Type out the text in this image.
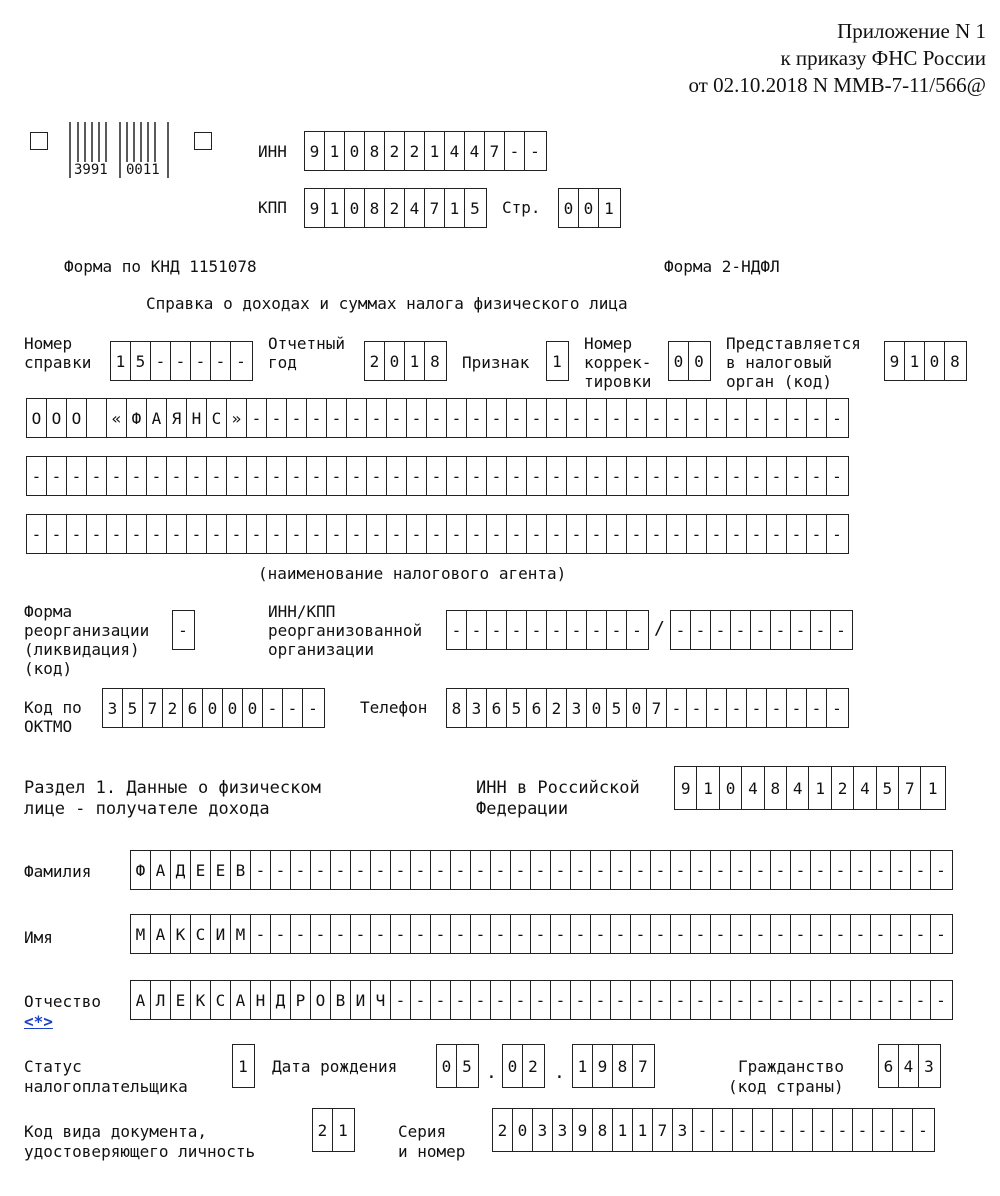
Приложение N 1
к приказу ФНС России
от 02.10.2018 N ММВ-7-11/566@
3991 0011
ИНН 9 1 0 8 2 2 1 4 4 7 - -
КПП 9 1 0 8 2 4 7 1 5	Стр. 0 0 1
Форма по КНД 1151078	Форма 2-НДФЛ
Справка о доходах и суммах налога физического лица
Номер
справки 1 5 - - - - -
Отчетный
год	2 0 1 8	Признак	1
Номер
коррек-
тировки
0 0
Представляется
в налоговый
орган (код)
9 1 0 8
О О О	« Ф А Я Н С » - - - - - - - - - - - - - - - - - - - - - - - - - - - - - -
- - - - - - - - - - - - - - - - - - - - - - - - - - - - - - - - - - - - - - - - -
- - - - - - - - - - - - - - - - - - - - - - - - - - - - - - - - - - - - - - - - -
(наименование налогового агента)
Форма
реорганизации
(ликвидация)
(код)
-
ИНН/КПП
реорганизованной
организации
- - - - - - - - - - / - - - - - - - - -
Код по
ОКТМО
3 5 7 2 6 0 0 0 - - -	Телефон 8 3 6 5 6 2 3 0 5 0 7 - - - - - - - - -
Раздел 1. Данные о физическом
лице - получателе дохода
ИНН в Российской
Федерации
9 1 0 4 8 4 1 2 4 5 7 1
Фамилия	Ф А Д Е Е В - - - - - - - - - - - - - - - - - - - - - - - - - - - - - - - - - - -
Имя	М А К С И М - - - - - - - - - - - - - - - - - - - - - - - - - - - - - - - - - - -
Отчество
<*>
А Л Е К С А Н Д Р О В И Ч - - - - - - - - - - - - - - - - - - - - - - - - - - - -
Статус
налогоплательщика
1	Дата рождения	0 5 . 0 2 . 1 9 8 7	Гражданство
(код страны)
6 4 3
Код вида документа,
удостоверяющего личность
2 1	Серия
и номер
2 0 3 3 9 8 1 1 7 3 - - - - - - - - - - - -
